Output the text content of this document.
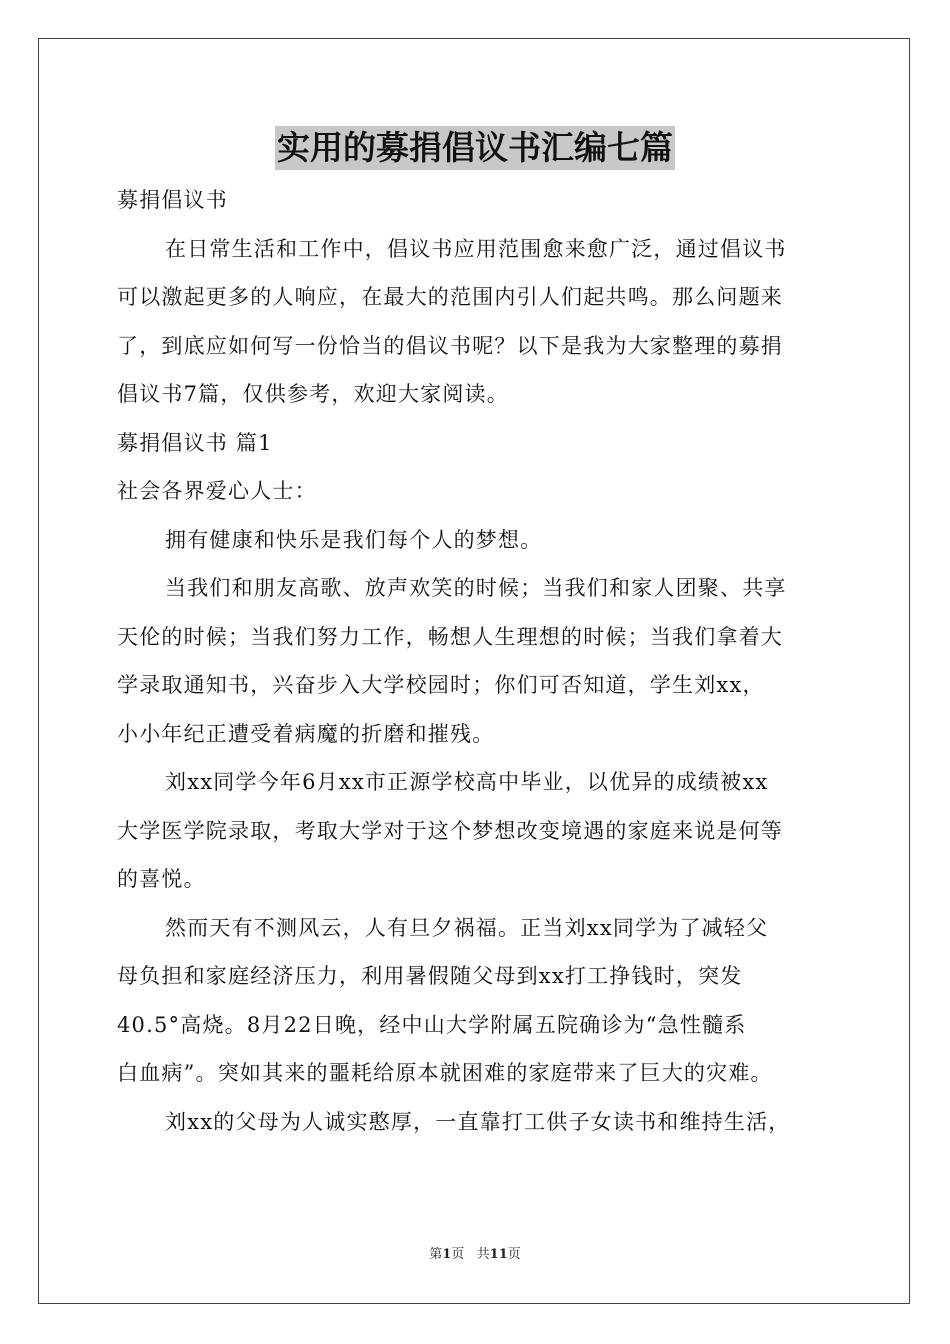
实用的募捐倡议书汇编七篇
募捐倡议书
在日常生活和工作中，倡议书应用范围愈来愈广泛，通过倡议书
可以激起更多的人响应，在最大的范围内引人们起共鸣。那么问题来
了，到底应如何写一份恰当的倡议书呢？以下是我为大家整理的募捐
倡议书7篇，仅供参考，欢迎大家阅读。
募捐倡议书 篇1
社会各界爱心人士：
拥有健康和快乐是我们每个人的梦想。
当我们和朋友高歌、放声欢笑的时候；当我们和家人团聚、共享
天伦的时候；当我们努力工作，畅想人生理想的时候；当我们拿着大
学录取通知书，兴奋步入大学校园时；你们可否知道，学生刘xx，
小小年纪正遭受着病魔的折磨和摧残。
刘xx同学今年6月xx市正源学校高中毕业，以优异的成绩被xx
大学医学院录取，考取大学对于这个梦想改变境遇的家庭来说是何等
的喜悦。
然而天有不测风云，人有旦夕祸福。正当刘xx同学为了减轻父
母负担和家庭经济压力，利用暑假随父母到xx打工挣钱时，突发
40.5°高烧。8月22日晚，经中山大学附属五院确诊为“急性髓系
白血病”。突如其来的噩耗给原本就困难的家庭带来了巨大的灾难。
刘xx的父母为人诚实憨厚，一直靠打工供子女读书和维持生活，
第1页   共11页
